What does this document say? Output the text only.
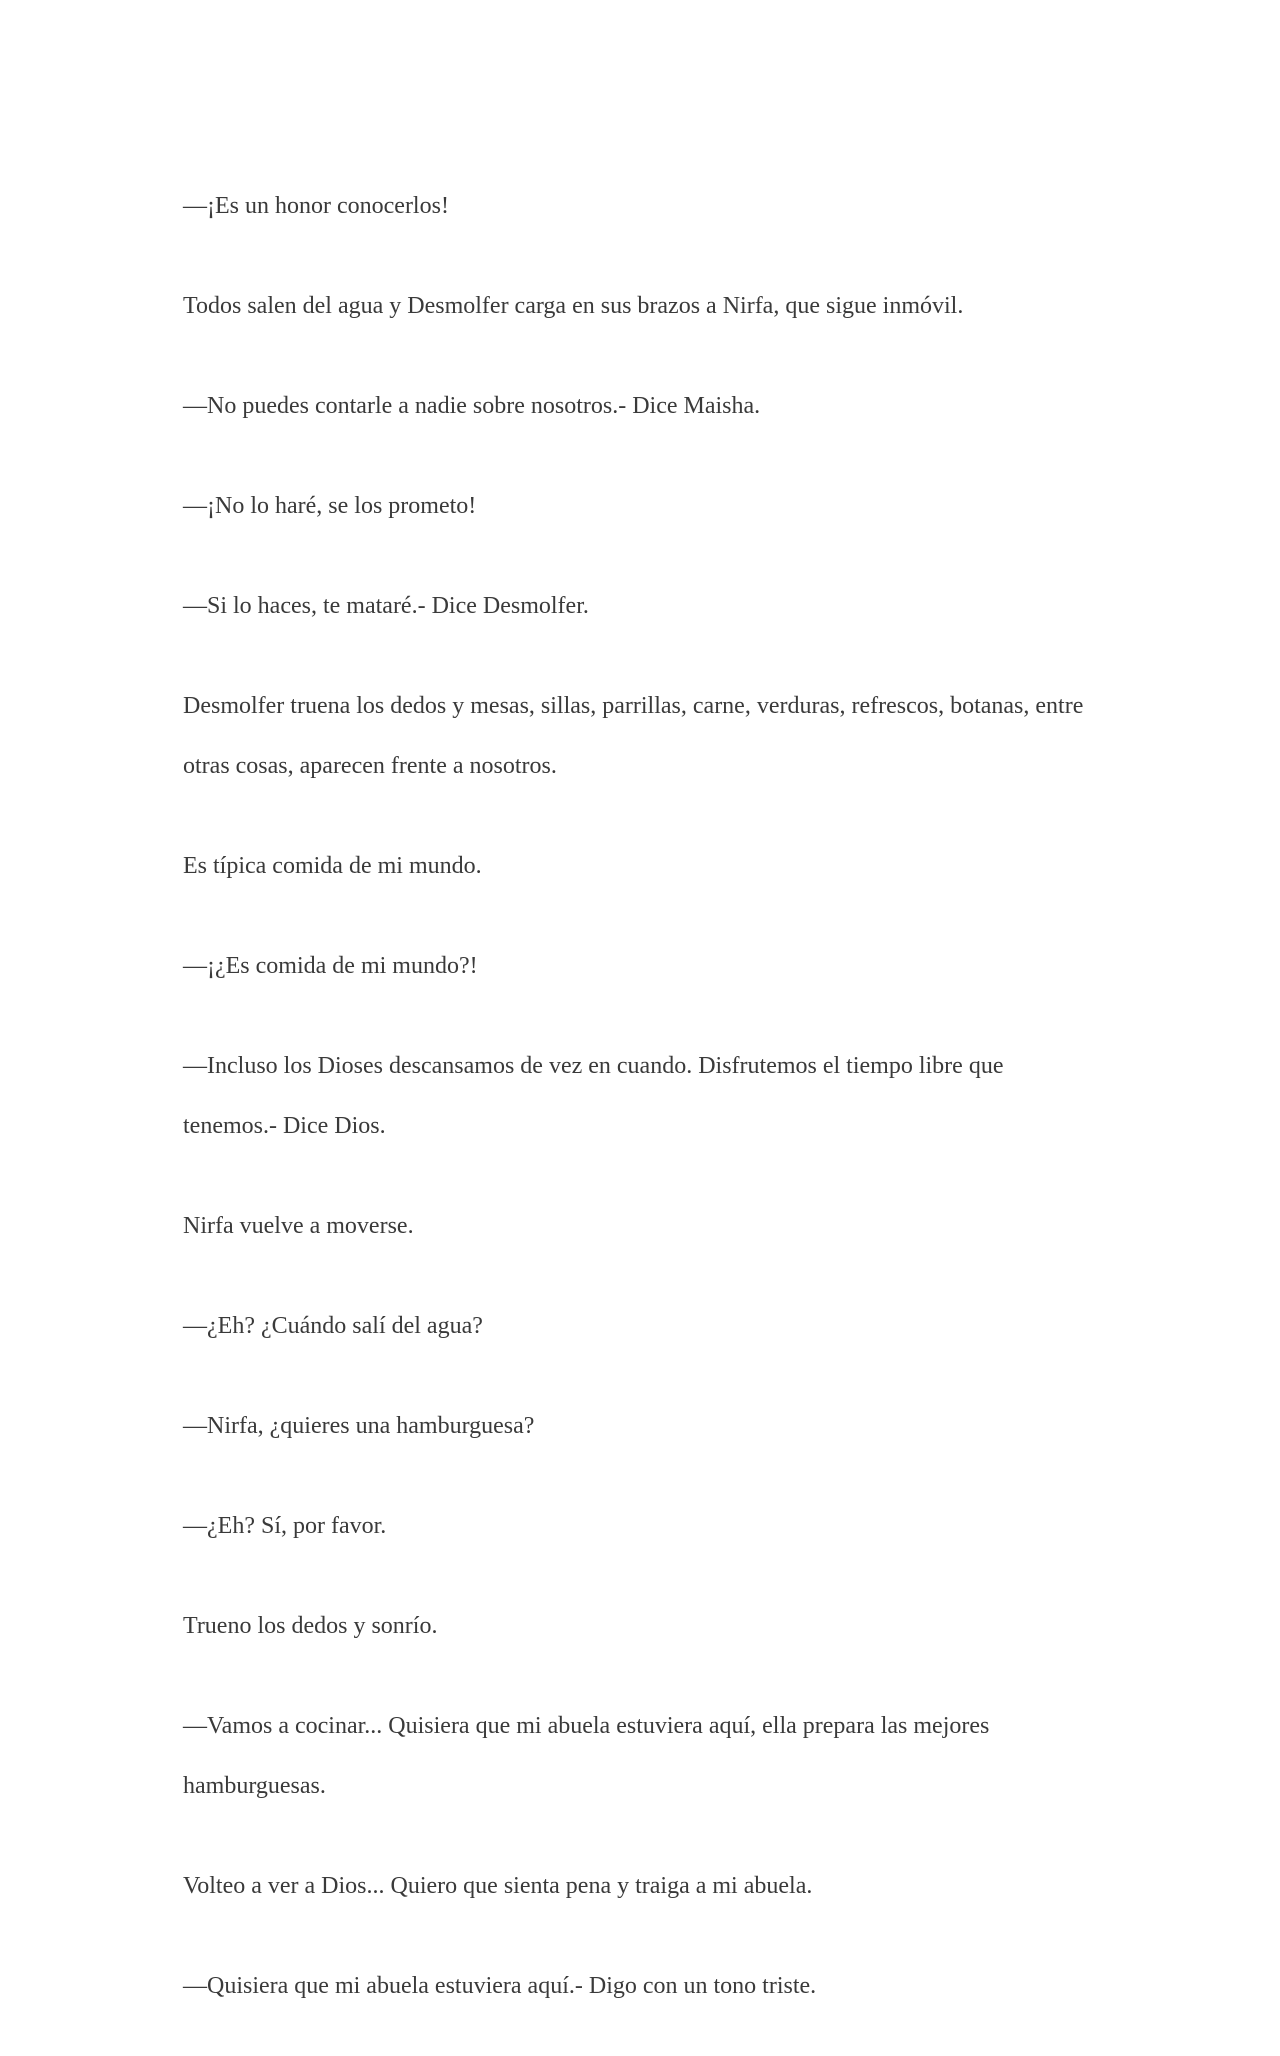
—¡Es un honor conocerlos!

Todos salen del agua y Desmolfer carga en sus brazos a Nirfa, que sigue inmóvil.

—No puedes contarle a nadie sobre nosotros.- Dice Maisha.

—¡No lo haré, se los prometo!

—Si lo haces, te mataré.- Dice Desmolfer.

Desmolfer truena los dedos y mesas, sillas, parrillas, carne, verduras, refrescos, botanas, entre otras cosas, aparecen frente a nosotros.

Es típica comida de mi mundo.

—¡¿Es comida de mi mundo?!

—Incluso los Dioses descansamos de vez en cuando. Disfrutemos el tiempo libre que tenemos.- Dice Dios.

Nirfa vuelve a moverse.

—¿Eh? ¿Cuándo salí del agua?

—Nirfa, ¿quieres una hamburguesa?

—¿Eh? Sí, por favor.

Trueno los dedos y sonrío.

—Vamos a cocinar... Quisiera que mi abuela estuviera aquí, ella prepara las mejores hamburguesas.

Volteo a ver a Dios... Quiero que sienta pena y traiga a mi abuela.

—Quisiera que mi abuela estuviera aquí.- Digo con un tono triste.
